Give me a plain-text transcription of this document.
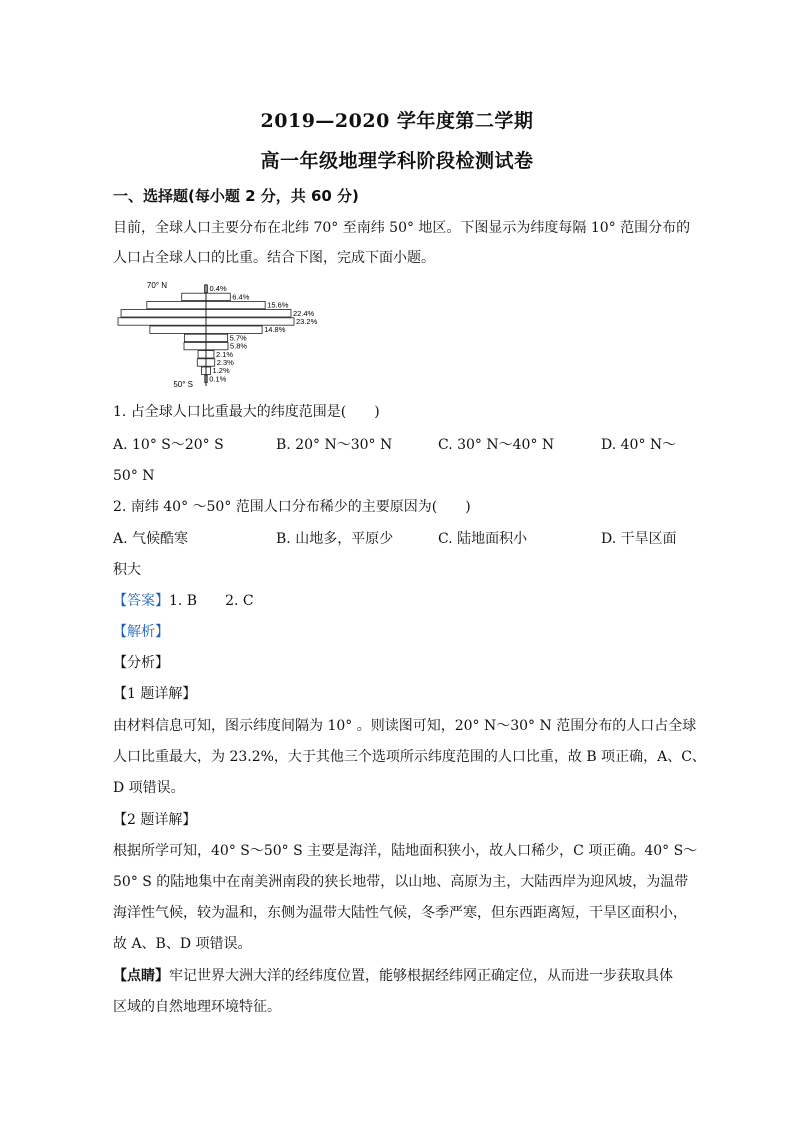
2019—2020 学年度第二学期
高一年级地理学科阶段检测试卷
一、选择题(每小题 2 分，共 60 分)
目前，全球人口主要分布在北纬 70° 至南纬 50° 地区。下图显示为纬度每隔 10° 范围分布的
人口占全球人口的比重。结合下图，完成下面小题。
70° N
50° S
0.4%
6.4%
15.6%
22.4%
23.2%
14.8%
5.7%
5.8%
2.1%
2.3%
1.2%
0.1%
1. 占全球人口比重最大的纬度范围是(　　)
A. 10° S～20° S	B. 20° N～30° N	C. 30° N～40° N	D. 40° N～
50° N
2. 南纬 40° ～50° 范围人口分布稀少的主要原因为(　　)
A. 气候酷寒	B. 山地多，平原少	C. 陆地面积小	D. 干旱区面
积大
【答案】1. B　　2. C
【解析】
【分析】
【1 题详解】
由材料信息可知，图示纬度间隔为 10° 。则读图可知，20° N～30° N 范围分布的人口占全球
人口比重最大，为 23.2%，大于其他三个选项所示纬度范围的人口比重，故 B 项正确，A、C、
D 项错误。
【2 题详解】
根据所学可知，40° S～50° S 主要是海洋，陆地面积狭小，故人口稀少，C 项正确。40° S～
50° S 的陆地集中在南美洲南段的狭长地带，以山地、高原为主，大陆西岸为迎风坡，为温带
海洋性气候，较为温和，东侧为温带大陆性气候，冬季严寒，但东西距离短，干旱区面积小，
故 A、B、D 项错误。
【点睛】牢记世界大洲大洋的经纬度位置，能够根据经纬网正确定位，从而进一步获取具体
区域的自然地理环境特征。
